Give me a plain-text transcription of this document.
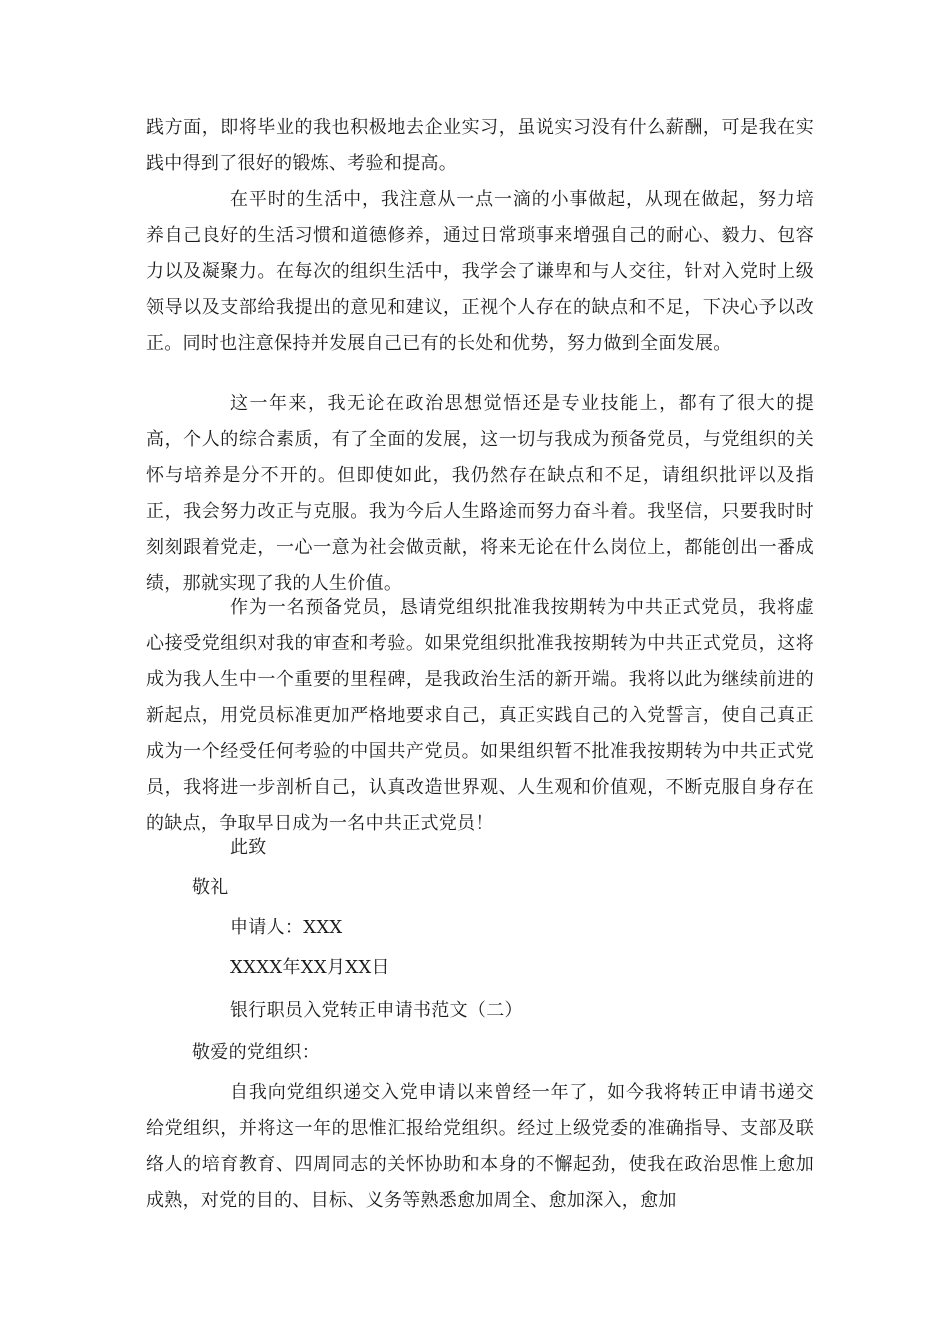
践方面，即将毕业的我也积极地去企业实习，虽说实习没有什么薪酬，可是我在实践中得到了很好的锻炼、考验和提高。

在平时的生活中，我注意从一点一滴的小事做起，从现在做起，努力培养自己良好的生活习惯和道德修养，通过日常琐事来增强自己的耐心、毅力、包容力以及凝聚力。在每次的组织生活中，我学会了谦卑和与人交往，针对入党时上级领导以及支部给我提出的意见和建议，正视个人存在的缺点和不足，下决心予以改正。同时也注意保持并发展自己已有的长处和优势，努力做到全面发展。

这一年来，我无论在政治思想觉悟还是专业技能上，都有了很大的提高，个人的综合素质，有了全面的发展，这一切与我成为预备党员，与党组织的关怀与培养是分不开的。但即使如此，我仍然存在缺点和不足，请组织批评以及指正，我会努力改正与克服。我为今后人生路途而努力奋斗着。我坚信，只要我时时刻刻跟着党走，一心一意为社会做贡献，将来无论在什么岗位上，都能创出一番成绩，那就实现了我的人生价值。

作为一名预备党员，恳请党组织批准我按期转为中共正式党员，我将虚心接受党组织对我的审查和考验。如果党组织批准我按期转为中共正式党员，这将成为我人生中一个重要的里程碑，是我政治生活的新开端。我将以此为继续前进的新起点，用党员标准更加严格地要求自己，真正实践自己的入党誓言，使自己真正成为一个经受任何考验的中国共产党员。如果组织暂不批准我按期转为中共正式党员，我将进一步剖析自己，认真改造世界观、人生观和价值观，不断克服自身存在的缺点，争取早日成为一名中共正式党员！

此致

敬礼

申请人：XXX

XXXX年XX月XX日

银行职员入党转正申请书范文（二）

敬爱的党组织：

自我向党组织递交入党申请以来曾经一年了，如今我将转正申请书递交给党组织，并将这一年的思惟汇报给党组织。经过上级党委的准确指导、支部及联络人的培育教育、四周同志的关怀协助和本身的不懈起劲，使我在政治思惟上愈加成熟，对党的目的、目标、义务等熟悉愈加周全、愈加深入，愈加
